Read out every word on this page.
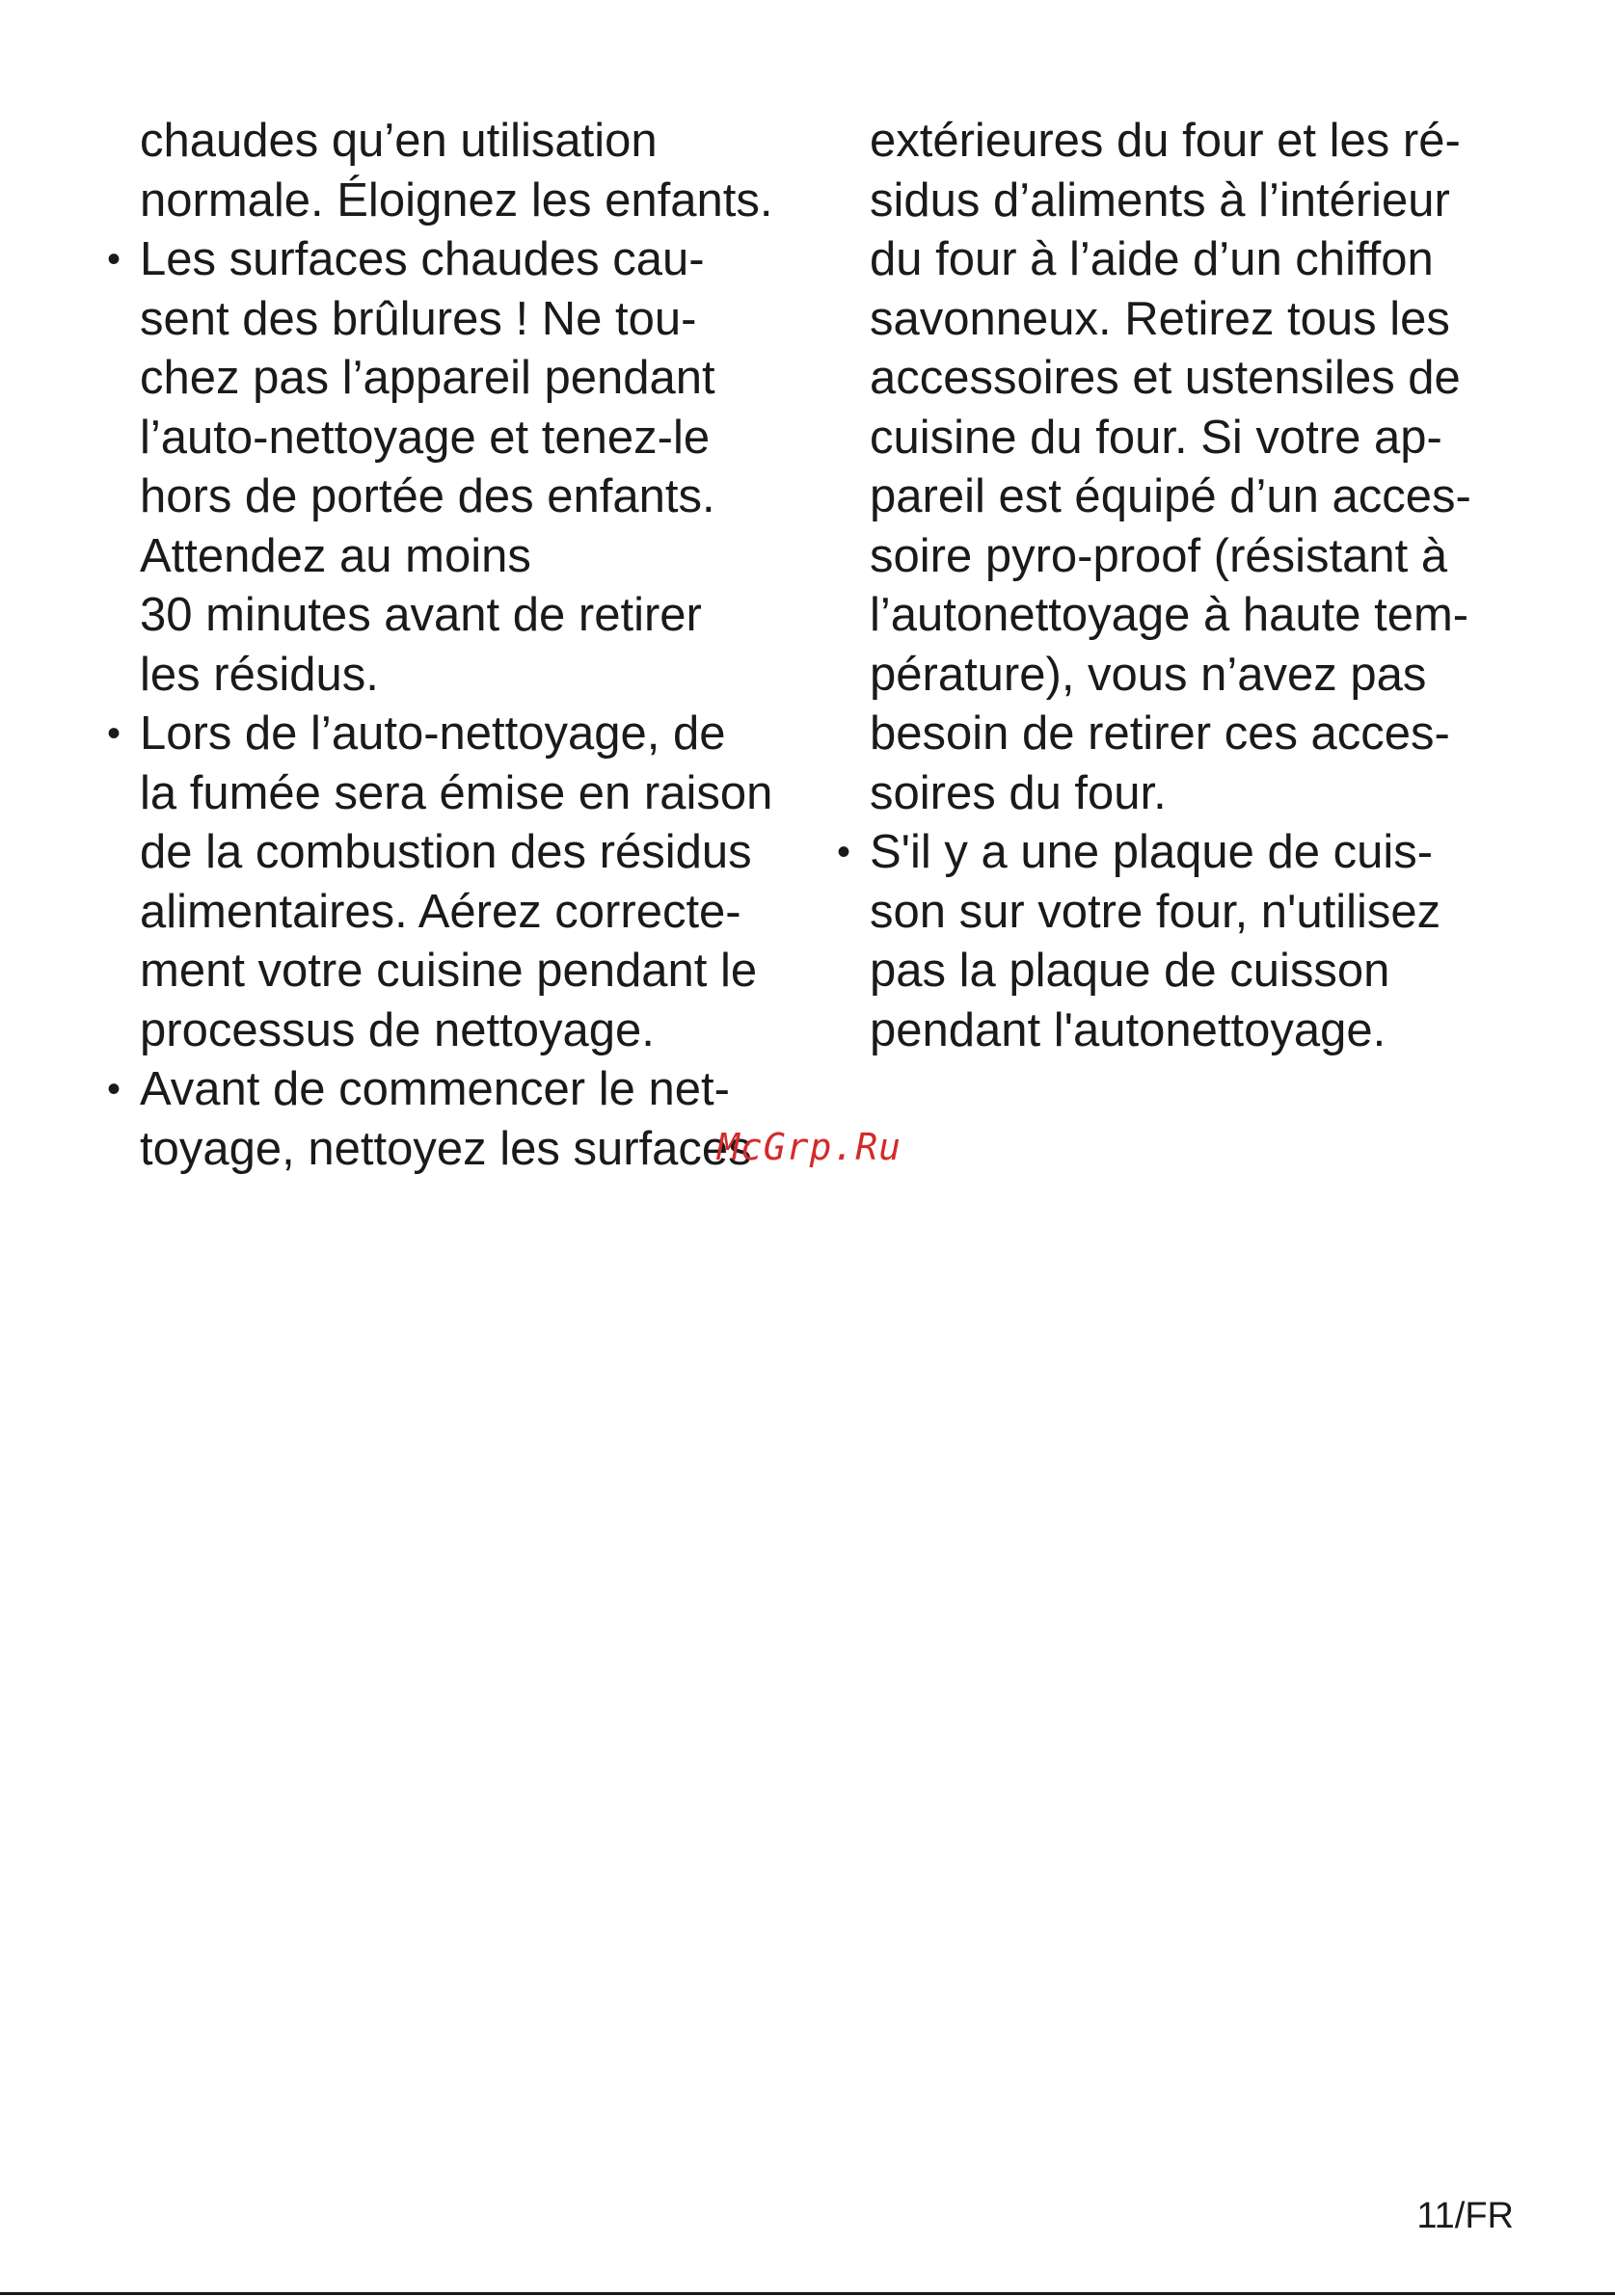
chaudes qu’en utilisation
normale. Éloignez les enfants.
• Les surfaces chaudes cau-
sent des brûlures ! Ne tou-
chez pas l’appareil pendant
l’auto-nettoyage et tenez-le
hors de portée des enfants.
Attendez au moins
30 minutes avant de retirer
les résidus.
• Lors de l’auto-nettoyage, de
la fumée sera émise en raison
de la combustion des résidus
alimentaires. Aérez correcte-
ment votre cuisine pendant le
processus de nettoyage.
• Avant de commencer le net-
toyage, nettoyez les surfaces
extérieures du four et les ré-
sidus d’aliments à l’intérieur
du four à l’aide d’un chiffon
savonneux. Retirez tous les
accessoires et ustensiles de
cuisine du four. Si votre ap-
pareil est équipé d’un acces-
soire pyro-proof (résistant à
l’autonettoyage à haute tem-
pérature), vous n’avez pas
besoin de retirer ces acces-
soires du four.
• S'il y a une plaque de cuis-
son sur votre four, n'utilisez
pas la plaque de cuisson
pendant l'autonettoyage.
McGrp.Ru
11/FR
